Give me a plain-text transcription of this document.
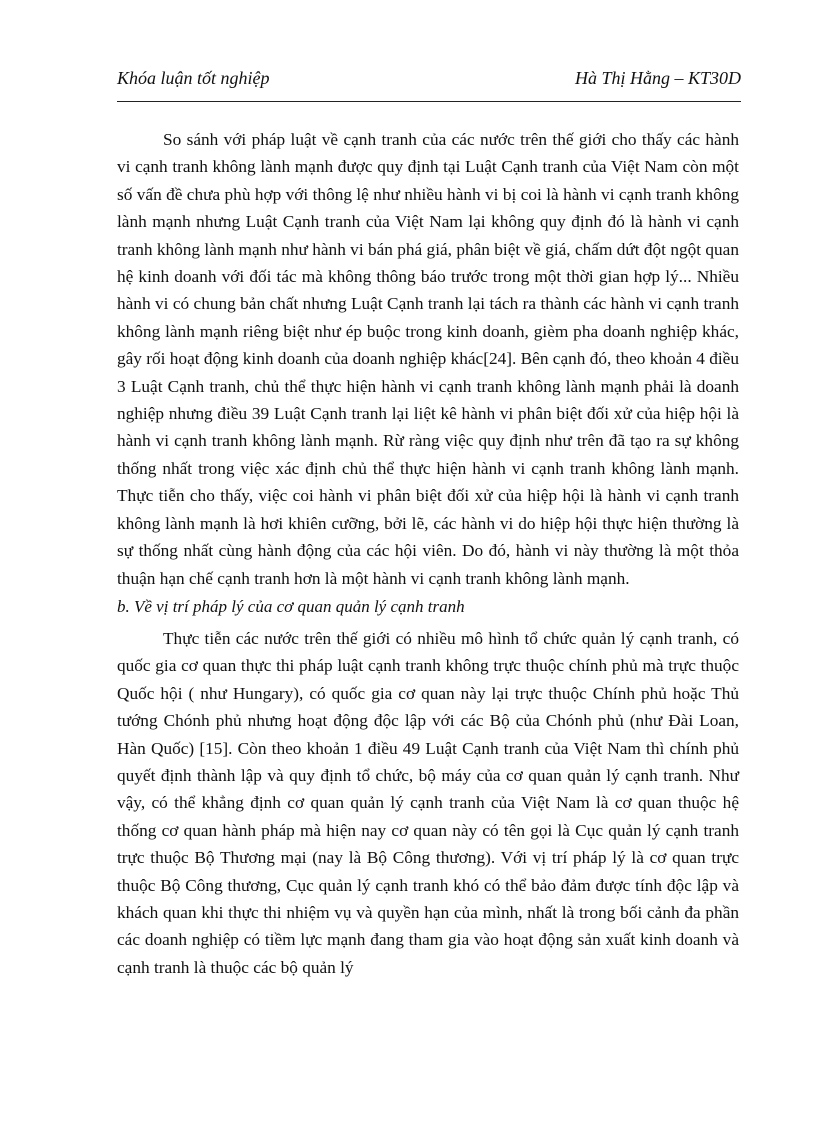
Khóa luận tốt nghiệp	Hà Thị Hằng – KT30D

So sánh với pháp luật về cạnh tranh của các nước trên thế giới cho thấy các hành vi cạnh tranh không lành mạnh được quy định tại Luật Cạnh tranh của Việt Nam còn một số vấn đề chưa phù hợp với thông lệ như nhiều hành vi bị coi là hành vi cạnh tranh không lành mạnh nhưng Luật Cạnh tranh của Việt Nam lại không quy định đó là hành vi cạnh tranh không lành mạnh như hành vi bán phá giá, phân biệt về giá, chấm dứt đột ngột quan hệ kinh doanh với đối tác mà không thông báo trước trong một thời gian hợp lý... Nhiều hành vi có chung bản chất nhưng Luật Cạnh tranh lại tách ra thành các hành vi cạnh tranh không lành mạnh riêng biệt như ép buộc trong kinh doanh, gièm pha doanh nghiệp khác, gây rối hoạt động kinh doanh của doanh nghiệp khác[24]. Bên cạnh đó, theo khoản 4 điều 3 Luật Cạnh tranh, chủ thể thực hiện hành vi cạnh tranh không lành mạnh phải là doanh nghiệp nhưng điều 39 Luật Cạnh tranh lại liệt kê hành vi phân biệt đối xử của hiệp hội là hành vi cạnh tranh không lành mạnh. Rừ ràng việc quy định như trên đã tạo ra sự không thống nhất trong việc xác định chủ thể thực hiện hành vi cạnh tranh không lành mạnh. Thực tiễn cho thấy, việc coi hành vi phân biệt đối xử của hiệp hội là hành vi cạnh tranh không lành mạnh là hơi khiên cưỡng, bởi lẽ, các hành vi do hiệp hội thực hiện thường là sự thống nhất cùng hành động của các hội viên. Do đó, hành vi này thường là một thỏa thuận hạn chế cạnh tranh hơn là một hành vi cạnh tranh không lành mạnh.

b. Về vị trí pháp lý của cơ quan quản lý cạnh tranh

Thực tiễn các nước trên thế giới có nhiều mô hình tổ chức quản lý cạnh tranh, có quốc gia cơ quan thực thi pháp luật cạnh tranh không trực thuộc chính phủ mà trực thuộc Quốc hội ( như Hungary), có quốc gia cơ quan này lại trực thuộc Chính phủ hoặc Thủ tướng Chónh phủ nhưng hoạt động độc lập với các Bộ của Chónh phủ (như Đài Loan, Hàn Quốc) [15]. Còn theo khoản 1 điều 49 Luật Cạnh tranh của Việt Nam thì chính phủ quyết định thành lập và quy định tổ chức, bộ máy của cơ quan quản lý cạnh tranh. Như vậy, có thể khẳng định cơ quan quản lý cạnh tranh của Việt Nam là cơ quan thuộc hệ thống cơ quan hành pháp mà hiện nay cơ quan này có tên gọi là Cục quản lý cạnh tranh trực thuộc Bộ Thương mại (nay là Bộ Công thương). Với vị trí pháp lý là cơ quan trực thuộc Bộ Công thương, Cục quản lý cạnh tranh khó có thể bảo đảm được tính độc lập và khách quan khi thực thi nhiệm vụ và quyền hạn của mình, nhất là trong bối cảnh đa phần các doanh nghiệp có tiềm lực mạnh đang tham gia vào hoạt động sản xuất kinh doanh và cạnh tranh là thuộc các bộ quản lý
